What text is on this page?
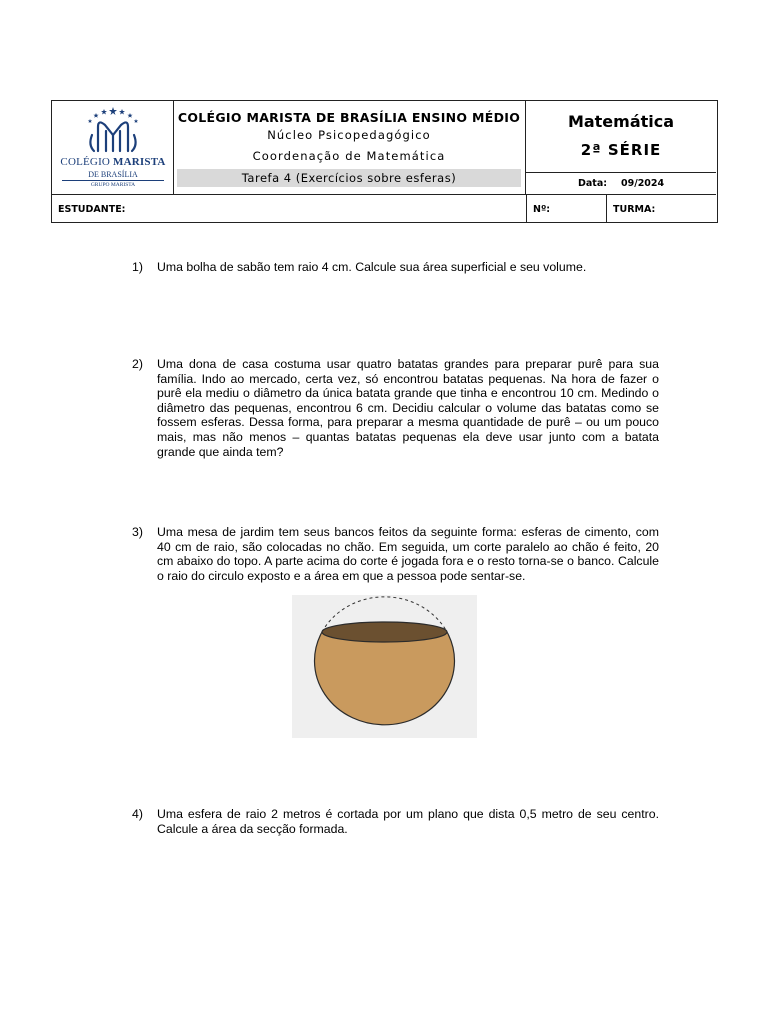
COLÉGIO MARISTA
DE BRASÍLIA
GRUPO MARISTA
COLÉGIO MARISTA DE BRASÍLIA ENSINO MÉDIO
Núcleo Psicopedagógico
Coordenação de Matemática
Tarefa 4 (Exercícios sobre esferas)
Matemática
2ª SÉRIE
Data: 09/2024
ESTUDANTE:	Nº:	TURMA:
1) Uma bolha de sabão tem raio 4 cm. Calcule sua área superficial e seu volume.
2) Uma dona de casa costuma usar quatro batatas grandes para preparar purê para sua família. Indo ao mercado, certa vez, só encontrou batatas pequenas. Na hora de fazer o purê ela mediu o diâmetro da única batata grande que tinha e encontrou 10 cm. Medindo o diâmetro das pequenas, encontrou 6 cm. Decidiu calcular o volume das batatas como se fossem esferas. Dessa forma, para preparar a mesma quantidade de purê – ou um pouco mais, mas não menos – quantas batatas pequenas ela deve usar junto com a batata grande que ainda tem?
3) Uma mesa de jardim tem seus bancos feitos da seguinte forma: esferas de cimento, com 40 cm de raio, são colocadas no chão. Em seguida, um corte paralelo ao chão é feito, 20 cm abaixo do topo. A parte acima do corte é jogada fora e o resto torna-se o banco. Calcule o raio do circulo exposto e a área em que a pessoa pode sentar-se.
4) Uma esfera de raio 2 metros é cortada por um plano que dista 0,5 metro de seu centro. Calcule a área da secção formada.
